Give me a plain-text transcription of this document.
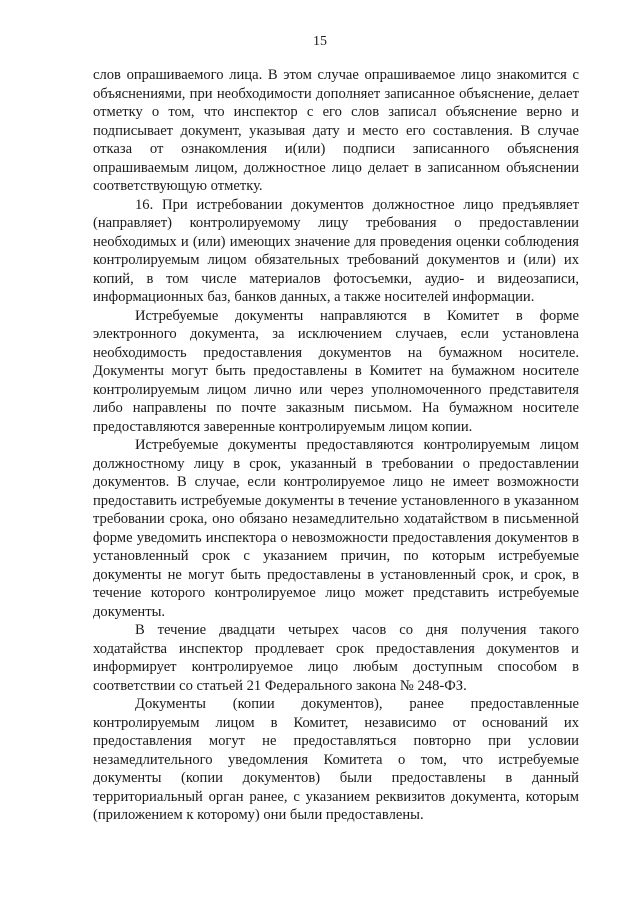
15

слов опрашиваемого лица. В этом случае опрашиваемое лицо знакомится с объяснениями, при необходимости дополняет записанное объяснение, делает отметку о том, что инспектор с его слов записал объяснение верно и подписывает документ, указывая дату и место его составления. В случае отказа от ознакомления и(или) подписи записанного объяснения опрашиваемым лицом, должностное лицо делает в записанном объяснении соответствующую отметку.

16. При истребовании документов должностное лицо предъявляет (направляет) контролируемому лицу требования о предоставлении необходимых и (или) имеющих значение для проведения оценки соблюдения контролируемым лицом обязательных требований документов и (или) их копий, в том числе материалов фотосъемки, аудио- и видеозаписи, информационных баз, банков данных, а также носителей информации.

Истребуемые документы направляются в Комитет в форме электронного документа, за исключением случаев, если установлена необходимость предоставления документов на бумажном носителе. Документы могут быть предоставлены в Комитет на бумажном носителе контролируемым лицом лично или через уполномоченного представителя либо направлены по почте заказным письмом. На бумажном носителе предоставляются заверенные контролируемым лицом копии.

Истребуемые документы предоставляются контролируемым лицом должностному лицу в срок, указанный в требовании о предоставлении документов. В случае, если контролируемое лицо не имеет возможности предоставить истребуемые документы в течение установленного в указанном требовании срока, оно обязано незамедлительно ходатайством в письменной форме уведомить инспектора о невозможности предоставления документов в установленный срок с указанием причин, по которым истребуемые документы не могут быть предоставлены в установленный срок, и срок, в течение которого контролируемое лицо может представить истребуемые документы.

В течение двадцати четырех часов со дня получения такого ходатайства инспектор продлевает срок предоставления документов и информирует контролируемое лицо любым доступным способом в соответствии со статьей 21 Федерального закона № 248-ФЗ.

Документы (копии документов), ранее предоставленные контролируемым лицом в Комитет, независимо от оснований их предоставления могут не предоставляться повторно при условии незамедлительного уведомления Комитета о том, что истребуемые документы (копии документов) были предоставлены в данный территориальный орган ранее, с указанием реквизитов документа, которым (приложением к которому) они были предоставлены.
